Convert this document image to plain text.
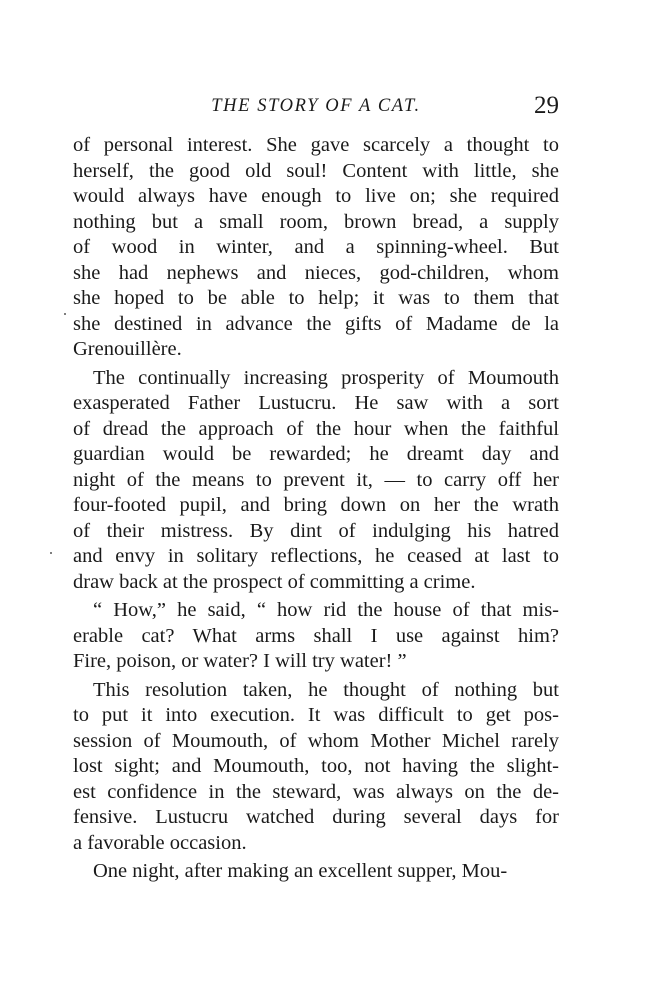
THE STORY OF A CAT.	29
of personal interest. She gave scarcely a thought to
herself, the good old soul! Content with little, she
would always have enough to live on; she required
nothing but a small room, brown bread, a supply
of wood in winter, and a spinning-wheel. But
she had nephews and nieces, god-children, whom
she hoped to be able to help; it was to them that
she destined in advance the gifts of Madame de la
Grenouillère.
The continually increasing prosperity of Moumouth
exasperated Father Lustucru. He saw with a sort
of dread the approach of the hour when the faithful
guardian would be rewarded; he dreamt day and
night of the means to prevent it, — to carry off her
four-footed pupil, and bring down on her the wrath
of their mistress. By dint of indulging his hatred
and envy in solitary reflections, he ceased at last to
draw back at the prospect of committing a crime.
“ How,” he said, “ how rid the house of that mis-
erable cat? What arms shall I use against him?
Fire, poison, or water? I will try water! ”
This resolution taken, he thought of nothing but
to put it into execution. It was difficult to get pos-
session of Moumouth, of whom Mother Michel rarely
lost sight; and Moumouth, too, not having the slight-
est confidence in the steward, was always on the de-
fensive. Lustucru watched during several days for
a favorable occasion.
One night, after making an excellent supper, Mou-
